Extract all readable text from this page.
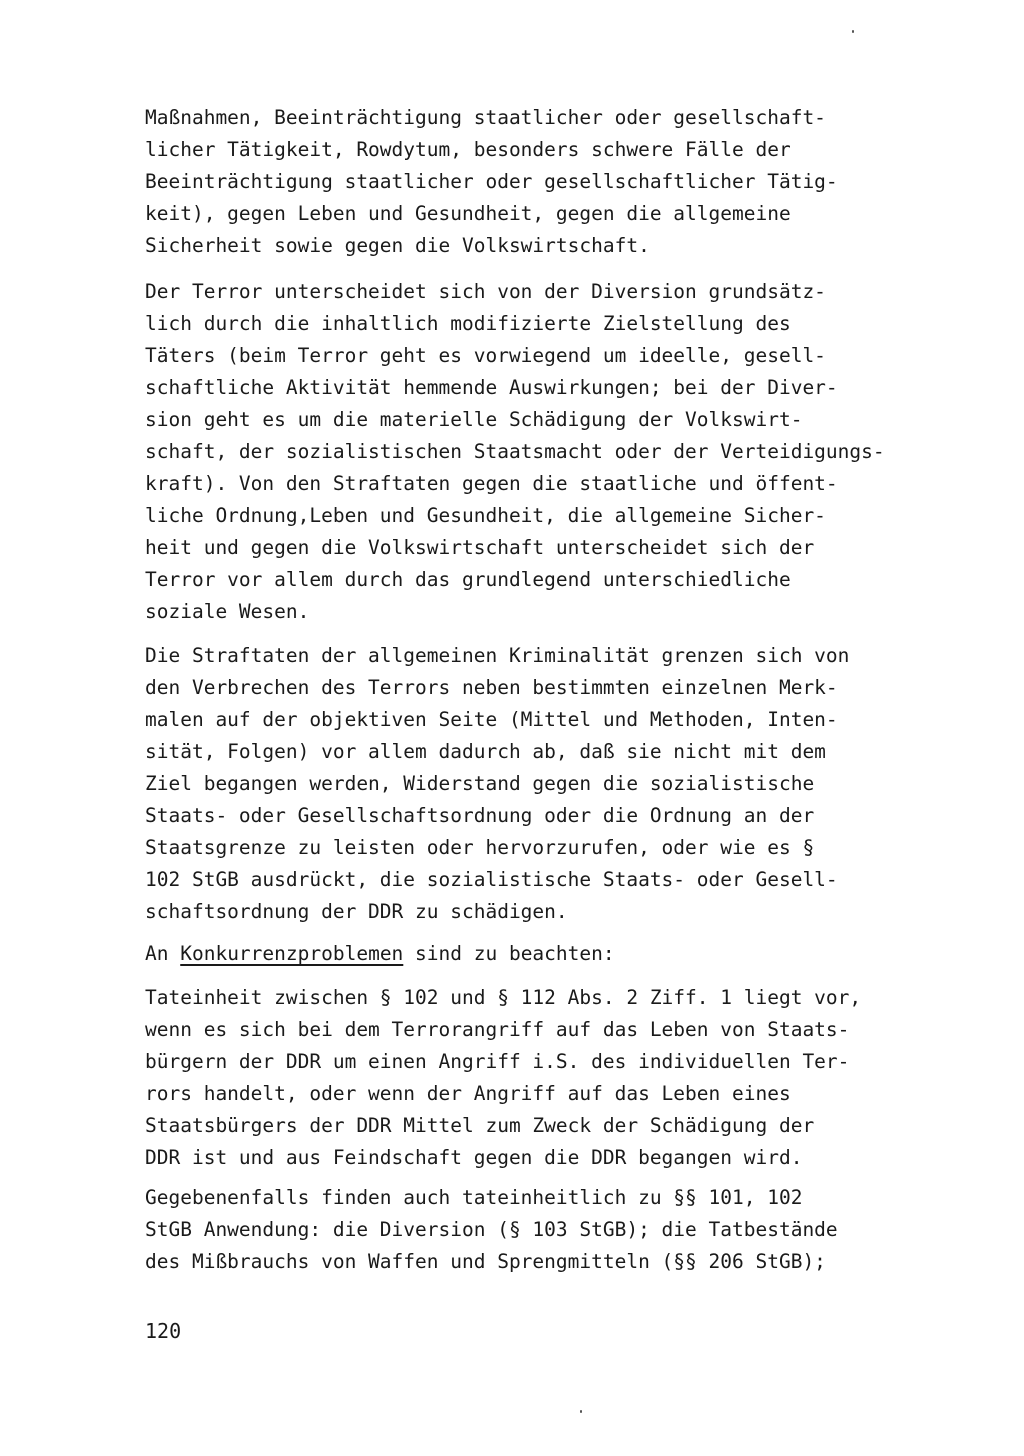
Maßnahmen, Beeinträchtigung staatlicher oder gesellschaft-
licher Tätigkeit, Rowdytum, besonders schwere Fälle der
Beeinträchtigung staatlicher oder gesellschaftlicher Tätig-
keit), gegen Leben und Gesundheit, gegen die allgemeine
Sicherheit sowie gegen die Volkswirtschaft.

Der Terror unterscheidet sich von der Diversion grundsätz-
lich durch die inhaltlich modifizierte Zielstellung des
Täters (beim Terror geht es vorwiegend um ideelle, gesell-
schaftliche Aktivität hemmende Auswirkungen; bei der Diver-
sion geht es um die materielle Schädigung der Volkswirt-
schaft, der sozialistischen Staatsmacht oder der Verteidigungs-
kraft). Von den Straftaten gegen die staatliche und öffent-
liche Ordnung,Leben und Gesundheit, die allgemeine Sicher-
heit und gegen die Volkswirtschaft unterscheidet sich der
Terror vor allem durch das grundlegend unterschiedliche
soziale Wesen.

Die Straftaten der allgemeinen Kriminalität grenzen sich von
den Verbrechen des Terrors neben bestimmten einzelnen Merk-
malen auf der objektiven Seite (Mittel und Methoden, Inten-
sität, Folgen) vor allem dadurch ab, daß sie nicht mit dem
Ziel begangen werden, Widerstand gegen die sozialistische
Staats- oder Gesellschaftsordnung oder die Ordnung an der
Staatsgrenze zu leisten oder hervorzurufen, oder wie es §
102 StGB ausdrückt, die sozialistische Staats- oder Gesell-
schaftsordnung der DDR zu schädigen.

An Konkurrenzproblemen sind zu beachten:

Tateinheit zwischen § 102 und § 112 Abs. 2 Ziff. 1 liegt vor,
wenn es sich bei dem Terrorangriff auf das Leben von Staats-
bürgern der DDR um einen Angriff i.S. des individuellen Ter-
rors handelt, oder wenn der Angriff auf das Leben eines
Staatsbürgers der DDR Mittel zum Zweck der Schädigung der
DDR ist und aus Feindschaft gegen die DDR begangen wird.

Gegebenenfalls finden auch tateinheitlich zu §§ 101, 102
StGB Anwendung: die Diversion (§ 103 StGB); die Tatbestände
des Mißbrauchs von Waffen und Sprengmitteln (§§ 206 StGB);

120
